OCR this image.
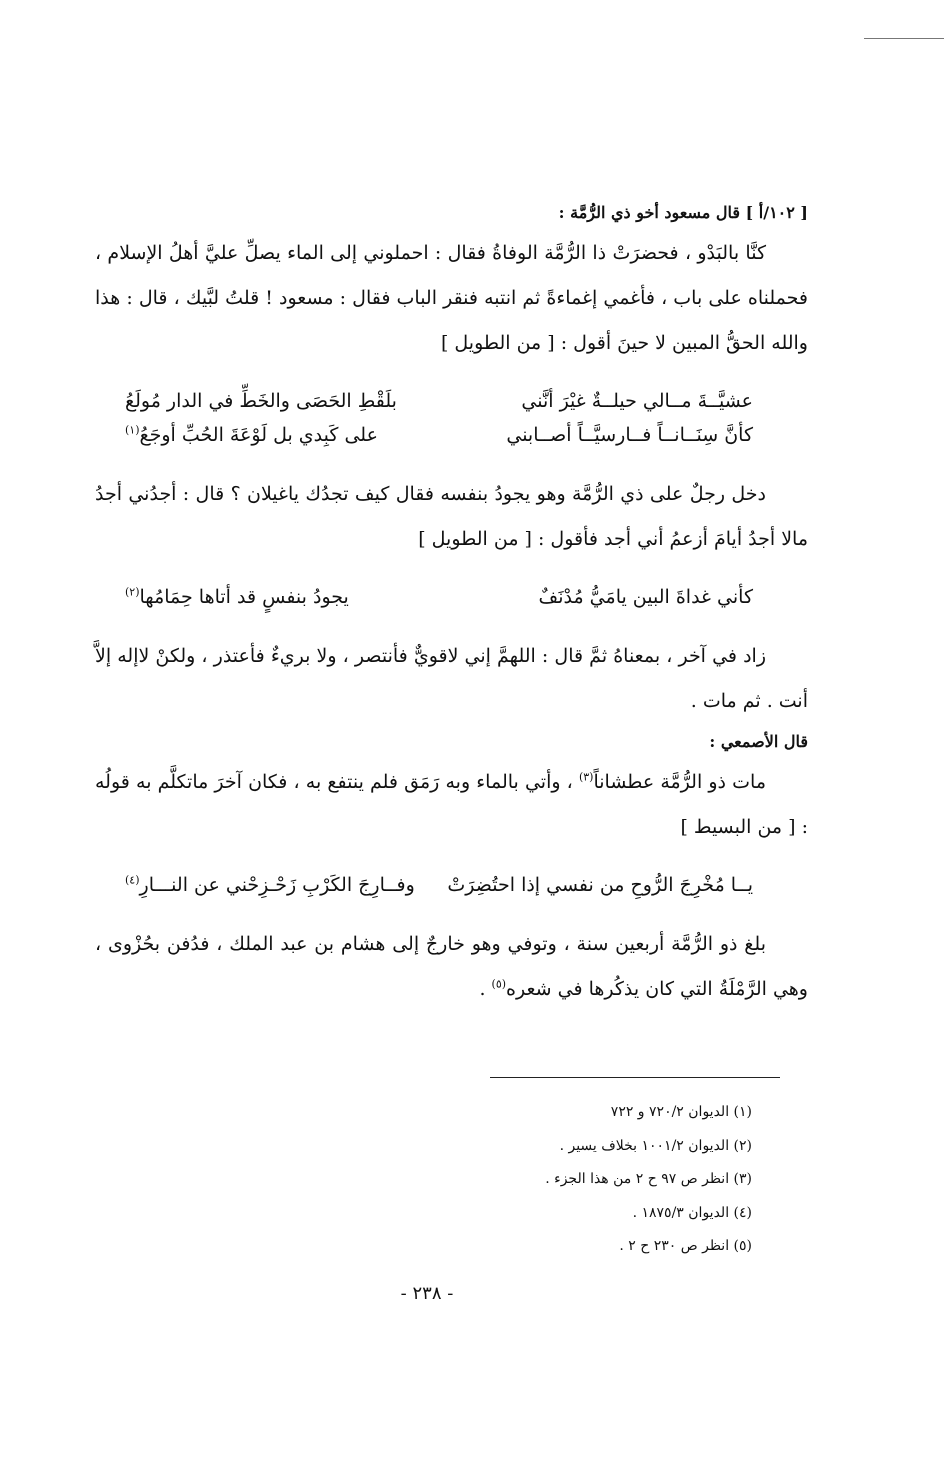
[ ١٠٢/أ ] قال مسعود أخو ذي الرُّمَّة :

كنَّا بالبَدْو ، فحضرَتْ ذا الرُّمَّة الوفاةُ فقال : احملوني إلى الماء يصلِّ عليَّ أهلُ الإسلام ، فحملناه على باب ، فأغمي إغماءةً ثم انتبه فنقر الباب فقال : مسعود ! قلتُ لبَّيك ، قال : هذا والله الحقُّ المبين لا حينَ أقول : [ من الطويل ]

عشيَّــةَ مــالي حيلــةٌ غيْرَ أنَّني
بلَقْطِ الحَصَى والخَطِّ في الدار مُولَعُ
كأنَّ سِنَــانــاً فــارسيَّــاً أصــابني
على كَبِدي بل لَوْعَةَ الحُبِّ أوجَعُ$^{(١)}$

دخل رجلٌ على ذي الرُّمَّة وهو يجودُ بنفسه فقال كيف تجدُك ياغيلان ؟ قال : أجدُني أجدُ مالا أجدُ أيامَ أزعمُ أني أجد فأقول : [ من الطويل ]

كأني غداةَ البين يامَيُّ مُدْنَفٌ
يجودُ بنفسٍ قد أتاها حِمَامُها$^{(٢)}$

زاد في آخر ، بمعناهُ ثمَّ قال : اللهمَّ إني لاقويٌّ فأنتصر ، ولا بريءٌ فأعتذر ، ولكنْ لاإله إلاَّ أنت . ثم مات .

قال الأصمعي :

مات ذو الرُّمَّة عطشاناً$^{(٣)}$ ، وأتي بالماء وبه رَمَق فلم ينتفع به ، فكان آخرَ ماتكلَّم به قولُه : [ من البسيط ]

يــا مُخْرِجَ الرُّوحِ من نفسي إذا احتُضِرَتْ
وفــارِجَ الكَرْبِ زَحْـزِحْني عن النـــارِ$^{(٤)}$

بلغ ذو الرُّمَّة أربعين سنة ، وتوفي وهو خارجٌ إلى هشام بن عبد الملك ، فدُفن بحُزْوى ، وهي الرَّمْلَةُ التي كان يذكُرها في شعره$^{(٥)}$ .

(١) الديوان ٧٢٠/٢ و ٧٢٢
(٢) الديوان ١٠٠١/٢ بخلاف يسير .
(٣) انظر ص ٩٧ ح ٢ من هذا الجزء .
(٤) الديوان ١٨٧٥/٣ .
(٥) انظر ص ٢٣٠ ح ٢ .
- ٢٣٨ -
